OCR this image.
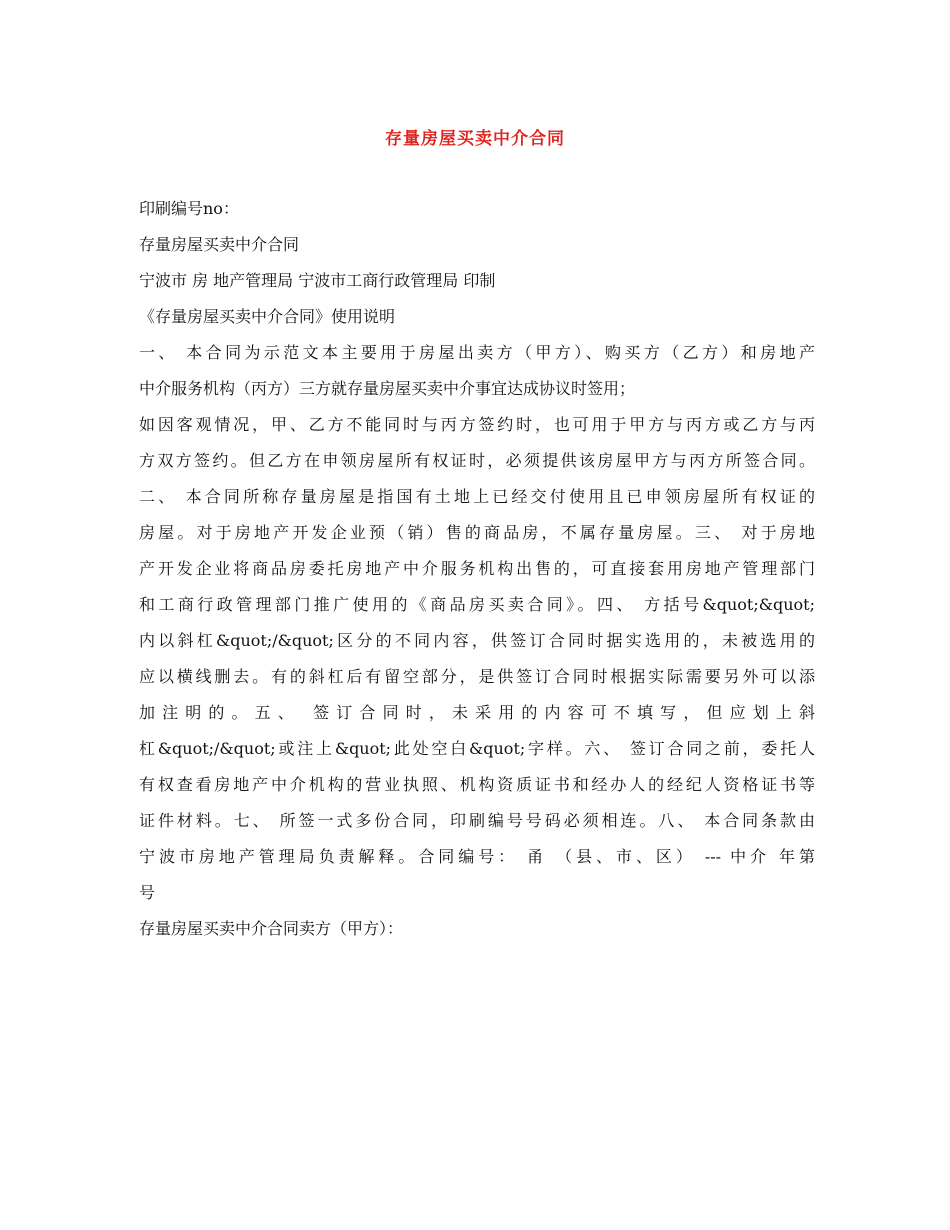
存量房屋买卖中介合同
印刷编号no：
存量房屋买卖中介合同
宁波市 房 地产管理局 宁波市工商行政管理局 印制
《存量房屋买卖中介合同》使用说明
一、 本合同为示范文本主要用于房屋出卖方（甲方）、购买方（乙方）和房地产
中介服务机构（丙方）三方就存量房屋买卖中介事宜达成协议时签用；
如因客观情况，甲、乙方不能同时与丙方签约时，也可用于甲方与丙方或乙方与丙
方双方签约。但乙方在申领房屋所有权证时，必须提供该房屋甲方与丙方所签合同。
二、 本合同所称存量房屋是指国有土地上已经交付使用且已申领房屋所有权证的
房屋。对于房地产开发企业预（销）售的商品房，不属存量房屋。三、 对于房地
产开发企业将商品房委托房地产中介服务机构出售的，可直接套用房地产管理部门
和工商行政管理部门推广使用的《商品房买卖合同》。四、 方括号&quot;&quot;
内以斜杠&quot;/&quot;区分的不同内容，供签订合同时据实选用的，未被选用的
应以横线删去。有的斜杠后有留空部分，是供签订合同时根据实际需要另外可以添
加注明的。五、 签订合同时，未采用的内容可不填写，但应划上斜
杠&quot;/&quot;或注上&quot;此处空白&quot;字样。六、 签订合同之前，委托人
有权查看房地产中介机构的营业执照、机构资质证书和经办人的经纪人资格证书等
证件材料。七、 所签一式多份合同，印刷编号号码必须相连。八、 本合同条款由
宁波市房地产管理局负责解释。合同编号： 甬 （县、市、区） --- 中介 年第
号
存量房屋买卖中介合同卖方（甲方）：
